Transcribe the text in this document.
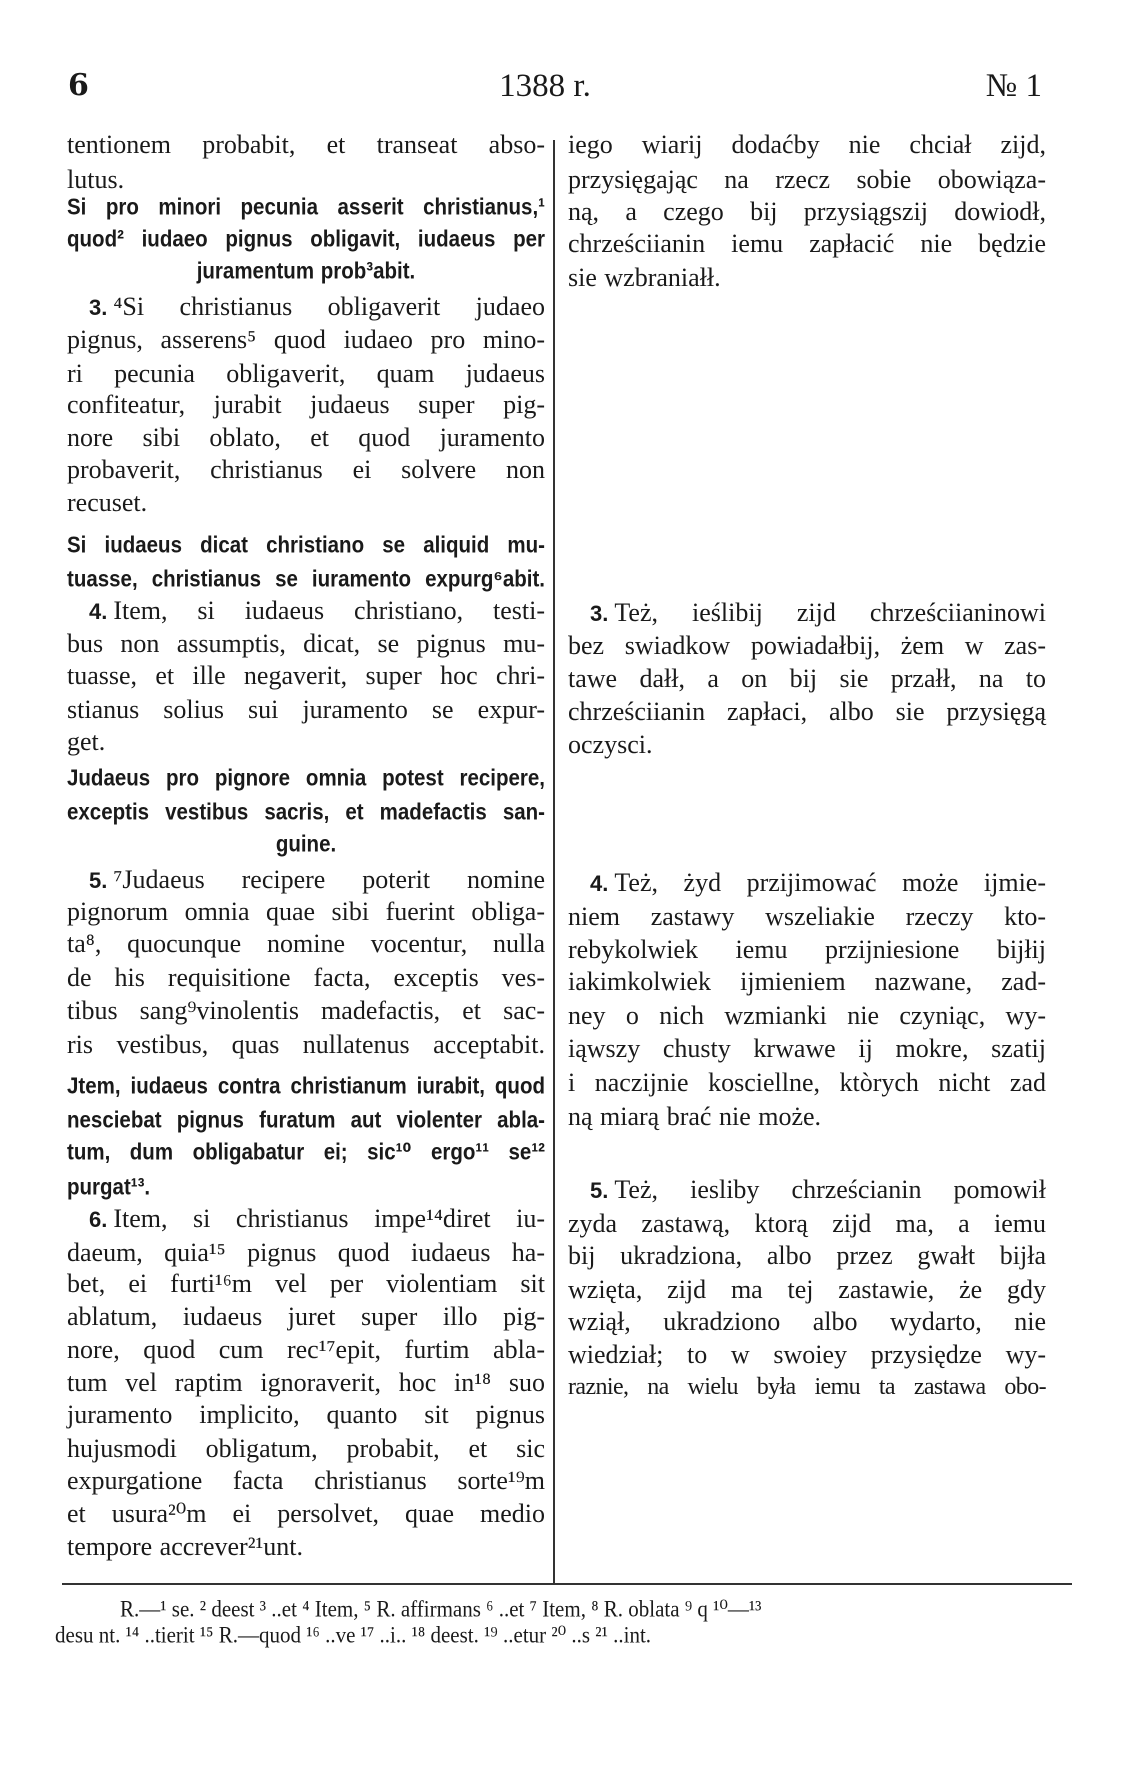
6	1388 r.	№ 1
tentionem probabit, et transeat abso-
lutus.
Si pro minori pecunia asserit christianus,¹
quod² iudaeo pignus obligavit, iudaeus per
juramentum prob³abit.
3. ⁴Si christianus obligaverit judaeo
pignus, asserens⁵ quod iudaeo pro mino-
ri pecunia obligaverit, quam judaeus
confiteatur, jurabit judaeus super pig-
nore sibi oblato, et quod juramento
probaverit, christianus ei solvere non
recuset.
Si iudaeus dicat christiano se aliquid mu-
tuasse, christianus se iuramento expurg⁶abit.
4. Item, si iudaeus christiano, testi-
bus non assumptis, dicat, se pignus mu-
tuasse, et ille negaverit, super hoc chri-
stianus solius sui juramento se expur-
get.
Judaeus pro pignore omnia potest recipere,
exceptis vestibus sacris, et madefactis san-
guine.
5. ⁷Judaeus recipere poterit nomine
pignorum omnia quae sibi fuerint obliga-
ta⁸, quocunque nomine vocentur, nulla
de his requisitione facta, exceptis ves-
tibus sang⁹vinolentis madefactis, et sac-
ris vestibus, quas nullatenus acceptabit.
Jtem, iudaeus contra christianum iurabit, quod
nesciebat pignus furatum aut violenter abla-
tum, dum obligabatur ei; sic¹⁰ ergo¹¹ se¹²
purgat¹³.
6. Item, si christianus impe¹⁴diret iu-
daeum, quia¹⁵ pignus quod iudaeus ha-
bet, ei furti¹⁶m vel per violentiam sit
ablatum, iudaeus juret super illo pig-
nore, quod cum rec¹⁷epit, furtim abla-
tum vel raptim ignoraverit, hoc in¹⁸ suo
juramento implicito, quanto sit pignus
hujusmodi obligatum, probabit, et sic
expurgatione facta christianus sorte¹⁹m
et usura²⁰m ei persolvet, quae medio
tempore accrever²¹unt.
iego wiarij dodaćby nie chciał zijd,
przysięgając na rzecz sobie obowiąza-
ną, a czego bij przysiągszij dowiodł,
chrześciianin iemu zapłacić nie będzie
sie wzbraniałł.
3. Też, ieślibij zijd chrześciianinowi
bez swiadkow powiadałbij, żem w zas-
tawe dałł, a on bij sie przałł, na to
chrześciianin zapłaci, albo sie przysięgą
oczysci.
4. Też, żyd przijimować może ijmie-
niem zastawy wszeliakie rzeczy kto-
rebykolwiek iemu przijniesione bijłij
iakimkolwiek ijmieniem nazwane, zad-
ney o nich wzmianki nie czyniąc, wy-
iąwszy chusty krwawe ij mokre, szatij
i naczijnie kosciellne, ktòrych nicht zad
ną miarą brać nie może.
5. Też, iesliby chrześcianin pomowił
zyda zastawą, ktorą zijd ma, a iemu
bij ukradziona, albo przez gwałt bijła
wzięta, zijd ma tej zastawie, że gdy
wziął, ukradziono albo wydarto, nie
wiedział; to w swoiey przysiędze wy-
raznie, na wielu była iemu ta zastawa obo-
R.—¹ se. ² deest ³ ..et ⁴ Item, ⁵ R. affirmans ⁶ ..et ⁷ Item, ⁸ R. oblata ⁹ q ¹⁰—¹³
desu nt. ¹⁴ ..tierit ¹⁵ R.—quod ¹⁶ ..ve ¹⁷ ..i.. ¹⁸ deest. ¹⁹ ..etur ²⁰ ..s ²¹ ..int.
